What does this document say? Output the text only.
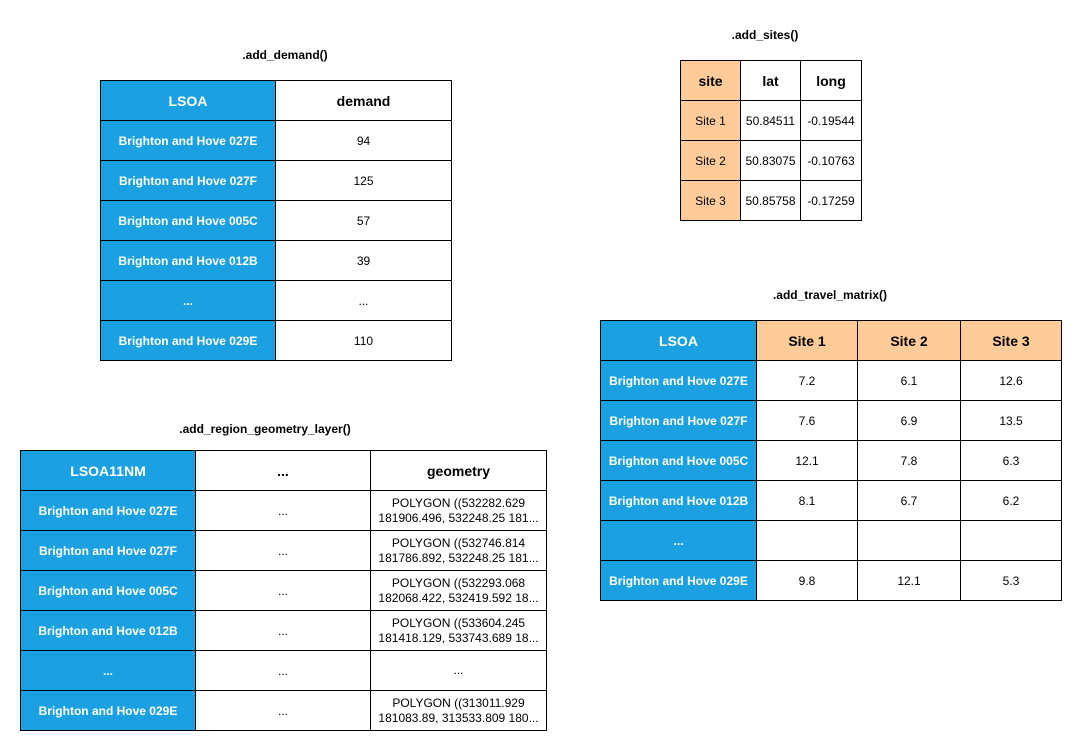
.add_demand()
LSOA	demand
Brighton and Hove 027E	94
Brighton and Hove 027F	125
Brighton and Hove 005C	57
Brighton and Hove 012B	39
...	...
Brighton and Hove 029E	110
.add_sites()
site	lat	long
Site 1	50.84511	-0.19544
Site 2	50.83075	-0.10763
Site 3	50.85758	-0.17259
.add_travel_matrix()
LSOA	Site 1	Site 2	Site 3
Brighton and Hove 027E	7.2	6.1	12.6
Brighton and Hove 027F	7.6	6.9	13.5
Brighton and Hove 005C	12.1	7.8	6.3
Brighton and Hove 012B	8.1	6.7	6.2
...			
Brighton and Hove 029E	9.8	12.1	5.3
.add_region_geometry_layer()
LSOA11NM	...	geometry
Brighton and Hove 027E	...	POLYGON ((532282.629
181906.496, 532248.25 181...

Brighton and Hove 027F	...	POLYGON ((532746.814
181786.892, 532248.25 181...

Brighton and Hove 005C	...	POLYGON ((532293.068
182068.422, 532419.592 18...

Brighton and Hove 012B	...	POLYGON ((533604.245
181418.129, 533743.689 18...

...	...	...

Brighton and Hove 029E	...	POLYGON ((313011.929
181083.89, 313533.809 180...
